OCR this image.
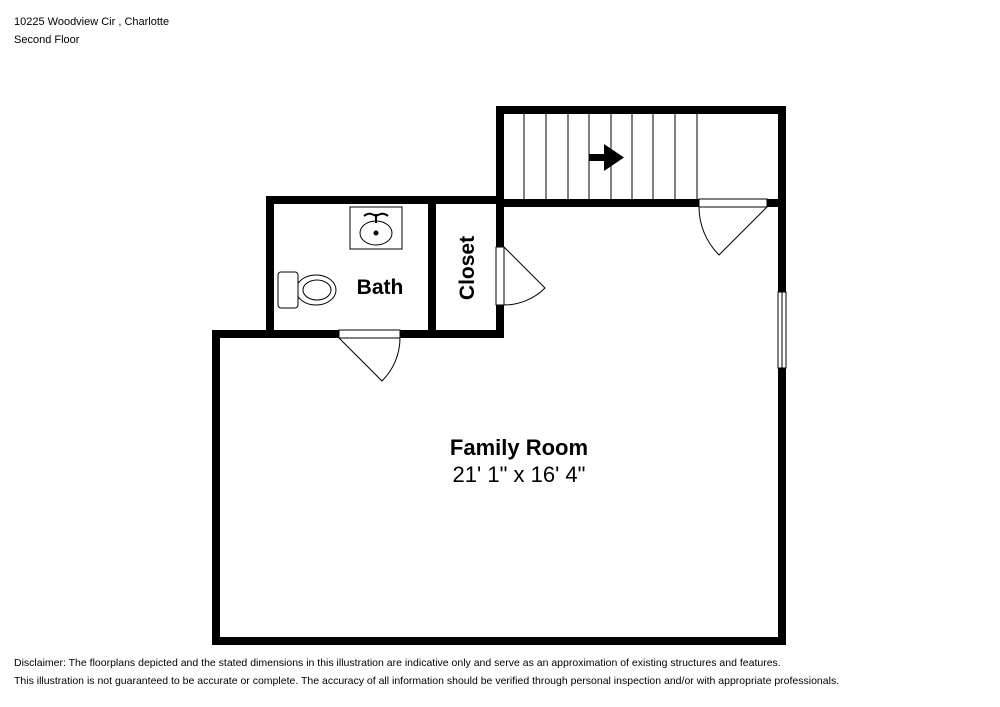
10225 Woodview Cir , Charlotte
Second Floor
Family Room
21' 1" x 16' 4"
Bath	Closet
Disclaimer: The floorplans depicted and the stated dimensions in this illustration are indicative only and serve as an approximation of existing structures and features.
This illustration is not guaranteed to be accurate or complete. The accuracy of all information should be verified through personal inspection and/or with appropriate professionals.
